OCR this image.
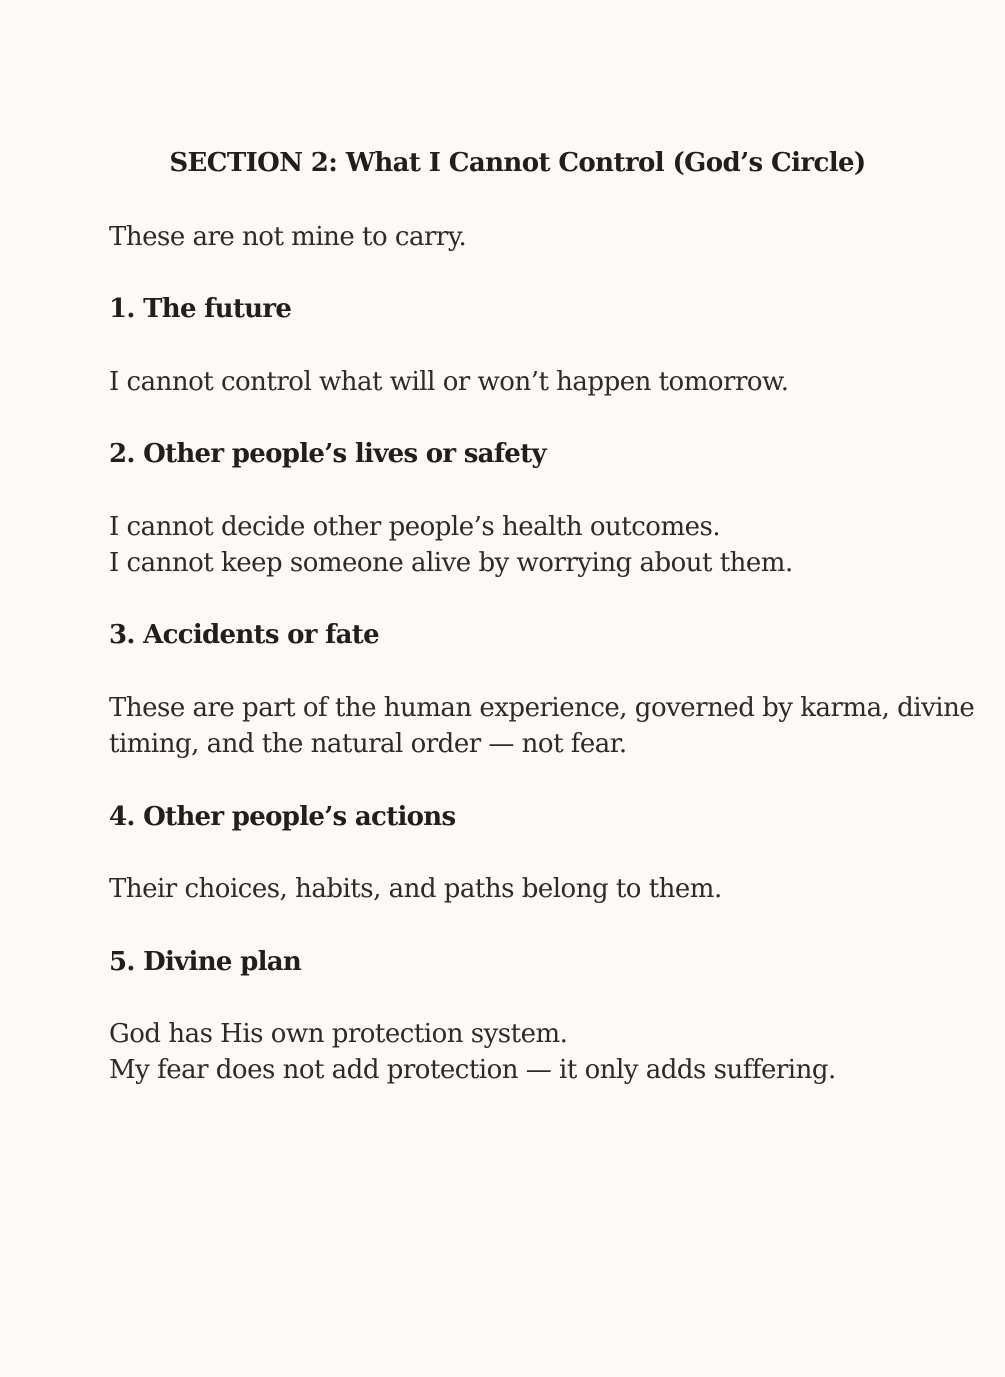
SECTION 2: What I Cannot Control (God’s Circle)

These are not mine to carry.

1. The future

I cannot control what will or won’t happen tomorrow.

2. Other people’s lives or safety

I cannot decide other people’s health outcomes.

I cannot keep someone alive by worrying about them.

3. Accidents or fate

These are part of the human experience, governed by karma, divine

timing, and the natural order — not fear.

4. Other people’s actions

Their choices, habits, and paths belong to them.

5. Divine plan

God has His own protection system.

My fear does not add protection — it only adds suffering.
